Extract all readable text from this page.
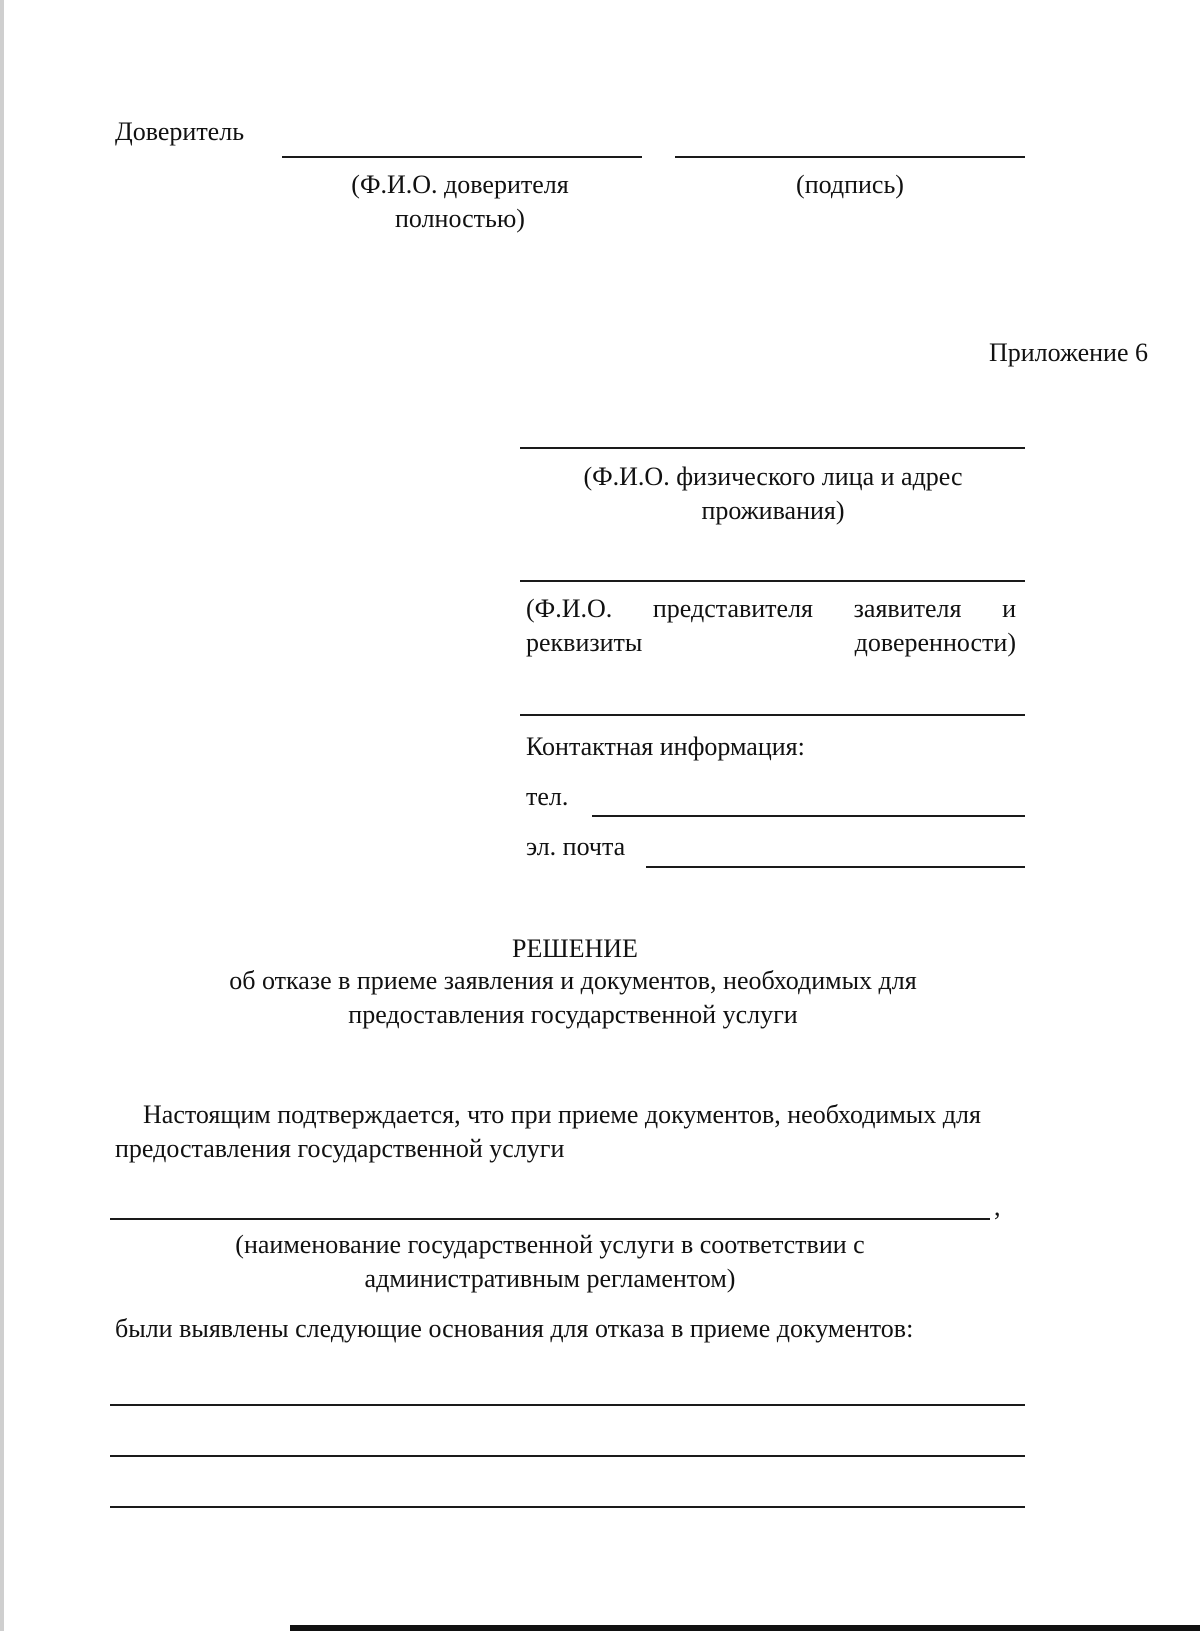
Доверитель
(Ф.И.О. доверителя полностью)
(подпись)
Приложение 6
(Ф.И.О. физического лица и адрес проживания)
(Ф.И.О. представителя заявителя и реквизиты доверенности)
Контактная информация:
тел.
эл. почта
РЕШЕНИЕ
об отказе в приеме заявления и документов, необходимых для предоставления государственной услуги
Настоящим подтверждается, что при приеме документов, необходимых для предоставления государственной услуги
,
(наименование государственной услуги в соответствии с административным регламентом)
были выявлены следующие основания для отказа в приеме документов:
